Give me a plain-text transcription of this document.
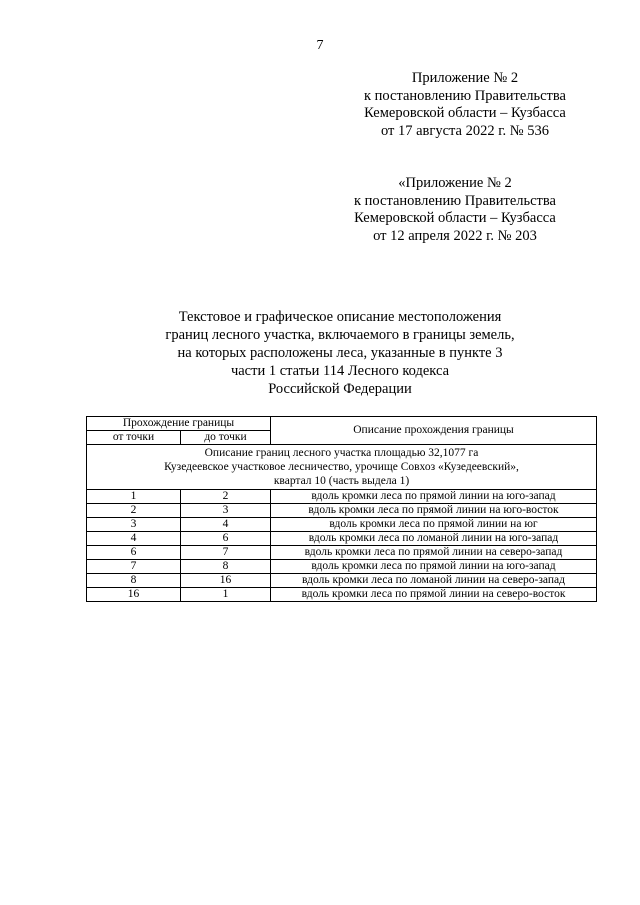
7
Приложение № 2
к постановлению Правительства
Кемеровской области – Кузбасса
от 17 августа 2022 г. № 536
«Приложение № 2
к постановлению Правительства
Кемеровской области – Кузбасса
от 12 апреля 2022 г. № 203
Текстовое и графическое описание местоположения
границ лесного участка, включаемого в границы земель,
на которых расположены леса, указанные в пункте 3
части 1 статьи 114 Лесного кодекса
Российской Федерации
Прохождение границы		Описание прохождения границы
от точки	до точки	

Описание границ лесного участка площадью 32,1077 га
Кузедеевское участковое лесничество, урочище Совхоз «Кузедеевский»,
квартал 10 (часть выдела 1)		

1	2	вдоль кромки леса по прямой линии на юго-запад
2	3	вдоль кромки леса по прямой линии на юго-восток
3	4	вдоль кромки леса по прямой линии на юг
4	6	вдоль кромки леса по ломаной линии на юго-запад
6	7	вдоль кромки леса по прямой линии на северо-запад
7	8	вдоль кромки леса по прямой линии на юго-запад
8	16	вдоль кромки леса по ломаной линии на северо-запад
16	1	вдоль кромки леса по прямой линии на северо-восток
